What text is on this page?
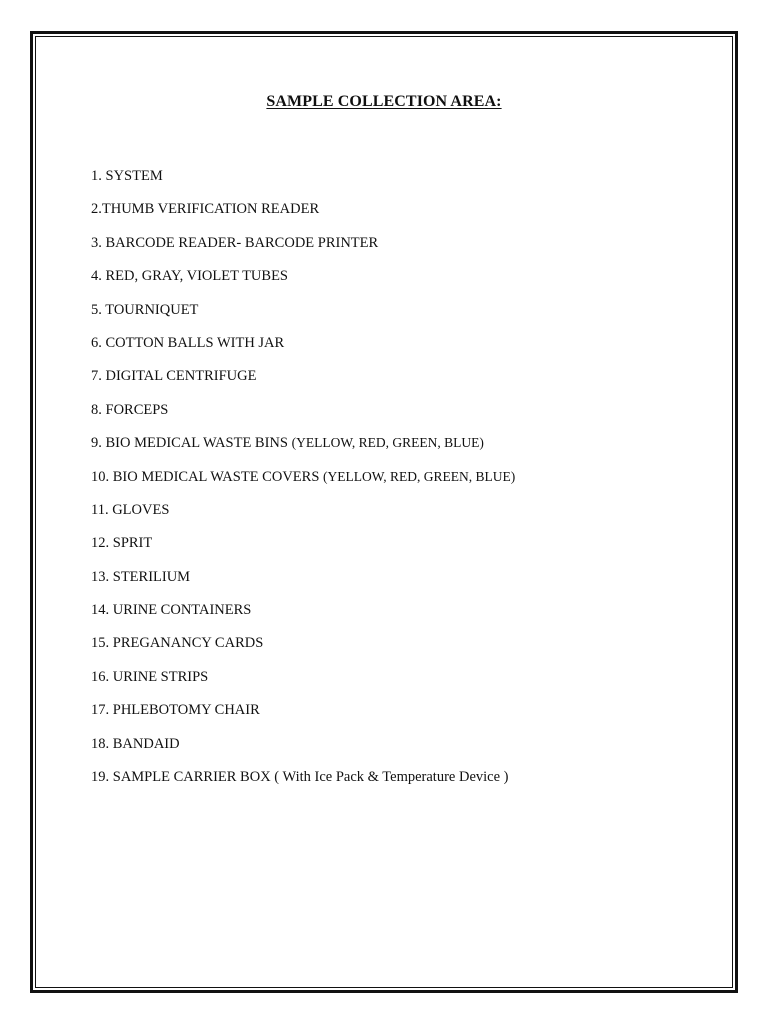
SAMPLE COLLECTION AREA:
1. SYSTEM
2.THUMB VERIFICATION READER
3. BARCODE READER- BARCODE PRINTER
4. RED, GRAY, VIOLET TUBES
5. TOURNIQUET
6. COTTON BALLS WITH JAR
7. DIGITAL CENTRIFUGE
8. FORCEPS
9. BIO MEDICAL WASTE BINS (YELLOW, RED, GREEN, BLUE)
10. BIO MEDICAL WASTE COVERS (YELLOW, RED, GREEN, BLUE)
11. GLOVES
12. SPRIT
13. STERILIUM
14. URINE CONTAINERS
15. PREGANANCY CARDS
16. URINE STRIPS
17. PHLEBOTOMY CHAIR
18. BANDAID
19. SAMPLE CARRIER BOX ( With Ice Pack & Temperature Device )
